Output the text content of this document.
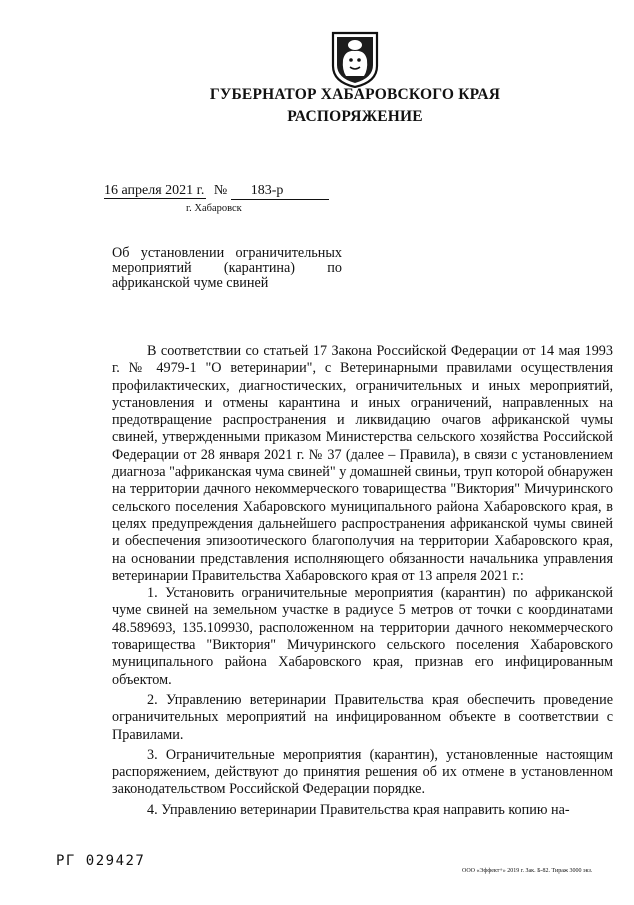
ГУБЕРНАТОР ХАБАРОВСКОГО КРАЯ
РАСПОРЯЖЕНИЕ
16 апреля 2021 г. № 183-р
г. Хабаровск
Об установлении ограничительных мероприятий (карантина) по африканской чуме свиней

В соответствии со статьей 17 Закона Российской Федерации от 14 мая 1993 г. № 4979-1 "О ветеринарии", с Ветеринарными правилами осуществления профилактических, диагностических, ограничительных и иных мероприятий, установления и отмены карантина и иных ограничений, направленных на предотвращение распространения и ликвидацию очагов африканской чумы свиней, утвержденными приказом Министерства сельского хозяйства Российской Федерации от 28 января 2021 г. № 37 (далее – Правила), в связи с установлением диагноза "африканская чума свиней" у домашней свиньи, труп которой обнаружен на территории дачного некоммерческого товарищества "Виктория" Мичуринского сельского поселения Хабаровского муниципального района Хабаровского края, в целях предупреждения дальнейшего распространения африканской чумы свиней и обеспечения эпизоотического благополучия на территории Хабаровского края, на основании представления исполняющего обязанности начальника управления ветеринарии Правительства Хабаровского края от 13 апреля 2021 г.:

1. Установить ограничительные мероприятия (карантин) по африканской чуме свиней на земельном участке в радиусе 5 метров от точки с координатами 48.589693, 135.109930, расположенном на территории дачного некоммерческого товарищества "Виктория" Мичуринского сельского поселения Хабаровского муниципального района Хабаровского края, признав его инфицированным объектом.

2. Управлению ветеринарии Правительства края обеспечить проведение ограничительных мероприятий на инфицированном объекте в соответствии с Правилами.

3. Ограничительные мероприятия (карантин), установленные настоящим распоряжением, действуют до принятия решения об их отмене в установленном законодательством Российской Федерации порядке.

4. Управлению ветеринарии Правительства края направить копию на-

РГ 029427
ООО «Эффект+» 2019 г. Зак. Б-82. Тираж 3000 экз.
